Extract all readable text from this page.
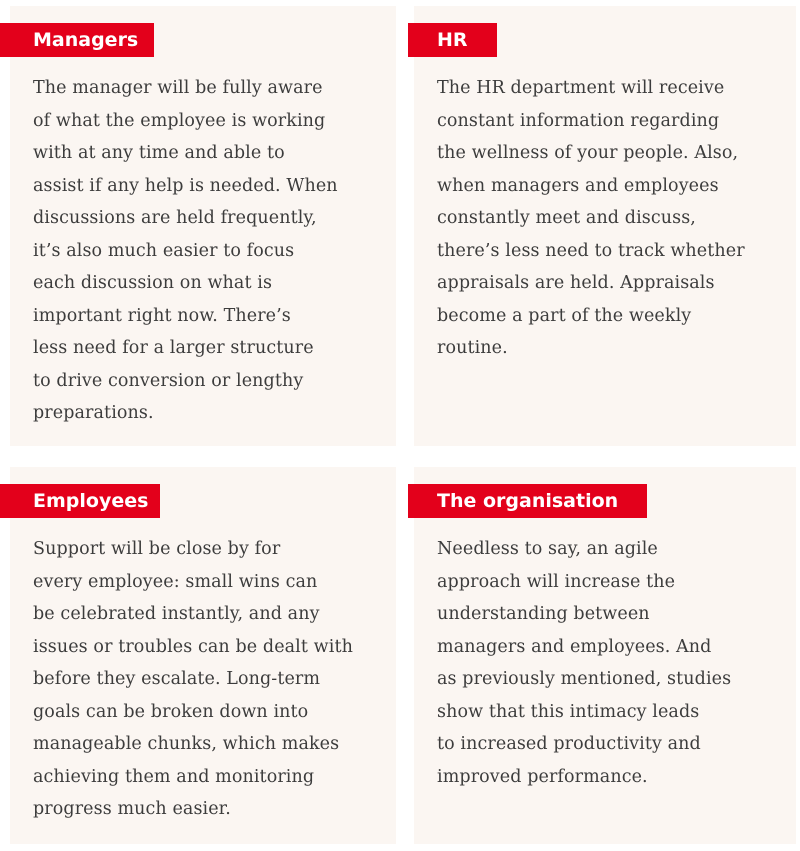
Managers

The manager will be fully aware
of what the employee is working
with at any time and able to
assist if any help is needed. When
discussions are held frequently,
it’s also much easier to focus
each discussion on what is
important right now. There’s
less need for a larger structure
to drive conversion or lengthy
preparations.

HR

The HR department will receive
constant information regarding
the wellness of your people. Also,
when managers and employees
constantly meet and discuss,
there’s less need to track whether
appraisals are held. Appraisals
become a part of the weekly
routine.

Employees

Support will be close by for
every employee: small wins can
be celebrated instantly, and any
issues or troubles can be dealt with
before they escalate. Long-term
goals can be broken down into
manageable chunks, which makes
achieving them and monitoring
progress much easier.

The organisation

Needless to say, an agile
approach will increase the
understanding between
managers and employees. And
as previously mentioned, studies
show that this intimacy leads
to increased productivity and
improved performance.
